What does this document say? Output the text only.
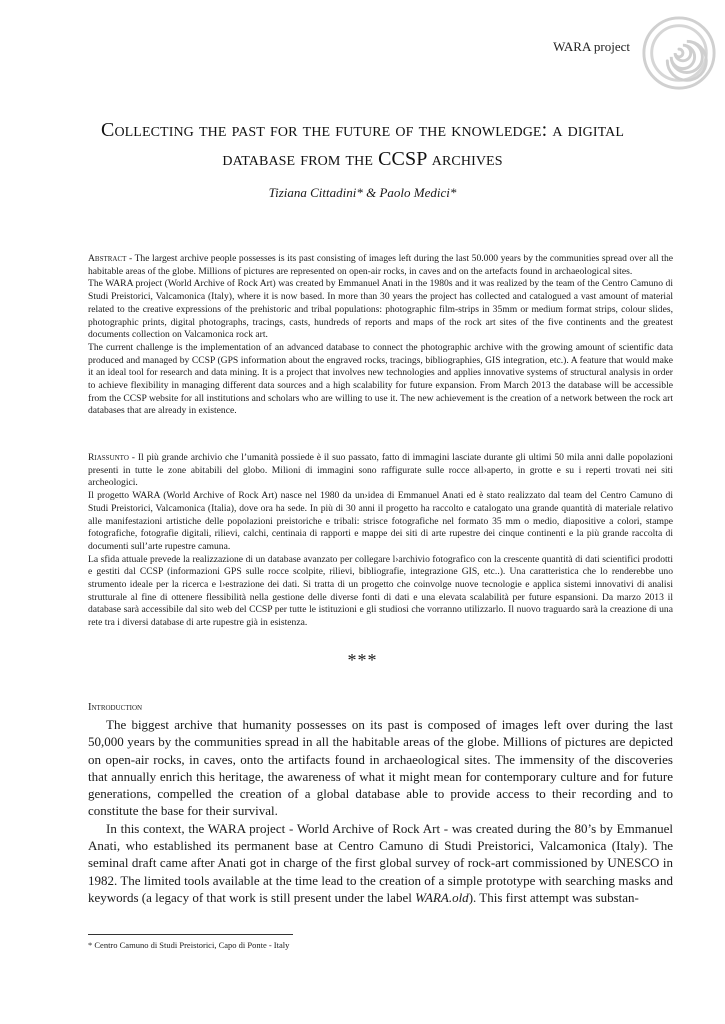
WARA project
Collecting the past for the future of the knowledge: a digital database from the CCSP archives
Tiziana Cittadini* & Paolo Medici*

Abstract - The largest archive people possesses is its past consisting of images left during the last 50.000 years by the communities spread over all the habitable areas of the globe. Millions of pictures are represented on open-air rocks, in caves and on the artefacts found in archaeological sites.

The WARA project (World Archive of Rock Art) was created by Emmanuel Anati in the 1980s and it was realized by the team of the Centro Camuno di Studi Preistorici, Valcamonica (Italy), where it is now based. In more than 30 years the project has collected and catalogued a vast amount of material related to the creative expressions of the prehistoric and tribal populations: photographic film-strips in 35mm or medium format strips, colour slides, photographic prints, digital photographs, tracings, casts, hundreds of reports and maps of the rock art sites of the five continents and the greatest documents collection on Valcamonica rock art.

The current challenge is the implementation of an advanced database to connect the photographic archive with the growing amount of scientific data produced and managed by CCSP (GPS information about the engraved rocks, tracings, bibliographies, GIS integration, etc.). A feature that would make it an ideal tool for research and data mining. It is a project that involves new technologies and applies innovative systems of structural analysis in order to achieve flexibility in managing different data sources and a high scalability for future expansion. From March 2013 the database will be accessible from the CCSP website for all institutions and scholars who are willing to use it. The new achievement is the creation of a network between the rock art databases that are already in existence.

Riassunto - Il più grande archivio che l’umanità possiede è il suo passato, fatto di immagini lasciate durante gli ultimi 50 mila anni dalle popolazioni presenti in tutte le zone abitabili del globo. Milioni di immagini sono raffigurate sulle rocce all›aperto, in grotte e su i reperti trovati nei siti archeologici.

Il progetto WARA (World Archive of Rock Art) nasce nel 1980 da un›idea di Emmanuel Anati ed è stato realizzato dal team del Centro Camuno di Studi Preistorici, Valcamonica (Italia), dove ora ha sede. In più di 30 anni il progetto ha raccolto e catalogato una grande quantità di materiale relativo alle manifestazioni artistiche delle popolazioni preistoriche e tribali: strisce fotografiche nel formato 35 mm o medio, diapositive a colori, stampe fotografiche, fotografie digitali, rilievi, calchi, centinaia di rapporti e mappe dei siti di arte rupestre dei cinque continenti e la più grande raccolta di documenti sull’arte rupestre camuna.

La sfida attuale prevede la realizzazione di un database avanzato per collegare l›archivio fotografico con la crescente quantità di dati scientifici prodotti e gestiti dal CCSP (informazioni GPS sulle rocce scolpite, rilievi, bibliografie, integrazione GIS, etc..). Una caratteristica che lo renderebbe uno strumento ideale per la ricerca e l›estrazione dei dati. Si tratta di un progetto che coinvolge nuove tecnologie e applica sistemi innovativi di analisi strutturale al fine di ottenere flessibilità nella gestione delle diverse fonti di dati e una elevata scalabilità per future espansioni. Da marzo 2013 il database sarà accessibile dal sito web del CCSP per tutte le istituzioni e gli studiosi che vorranno utilizzarlo. Il nuovo traguardo sarà la creazione di una rete tra i diversi database di arte rupestre già in esistenza.

***
Introduction

The biggest archive that humanity possesses on its past is composed of images left over during the last 50,000 years by the communities spread in all the habitable areas of the globe. Millions of pictures are depicted on open-air rocks, in caves, onto the artifacts found in archaeological sites. The immensity of the discoveries that annually enrich this heritage, the awareness of what it might mean for contemporary culture and for future generations, compelled the creation of a global database able to provide access to their recording and to constitute the base for their survival.

In this context, the WARA project - World Archive of Rock Art - was created during the 80’s by Emmanuel Anati, who established its permanent base at Centro Camuno di Studi Preistorici, Valcamonica (Italy). The seminal draft came after Anati got in charge of the first global survey of rock-art commissioned by UNESCO in 1982. The limited tools available at the time lead to the creation of a simple prototype with searching masks and keywords (a legacy of that work is still present under the label WARA.old). This first attempt was substan-

* Centro Camuno di Studi Preistorici, Capo di Ponte - Italy
